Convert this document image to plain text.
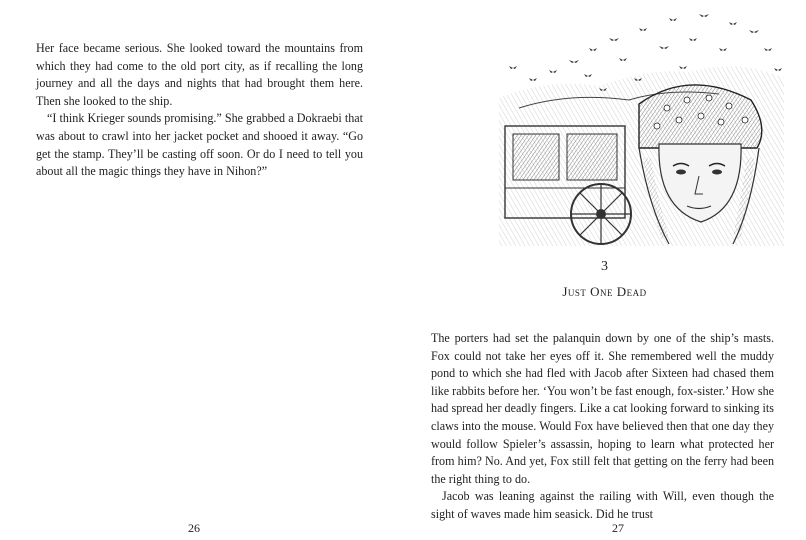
Her face became serious. She looked toward the mountains from which they had come to the old port city, as if recalling the long journey and all the days and nights that had brought them here. Then she looked to the ship.

“I think Krieger sounds promising.” She grabbed a Dokraebi that was about to crawl into her jacket pocket and shooed it away. “Go get the stamp. They’ll be casting off soon. Or do I need to tell you about all the magic things they have in Nihon?”

26
3
Just One Dead

The porters had set the palanquin down by one of the ship’s masts. Fox could not take her eyes off it. She remembered well the muddy pond to which she had fled with Jacob after Sixteen had chased them like rabbits before her. ‘You won’t be fast enough, fox-sister.’ How she had spread her deadly fingers. Like a cat looking forward to sinking its claws into the mouse. Would Fox have believed then that one day they would follow Spieler’s assassin, hoping to learn what protected her from him? No. And yet, Fox still felt that getting on the ferry had been the right thing to do.

Jacob was leaning against the railing with Will, even though the sight of waves made him seasick. Did he trust

27
